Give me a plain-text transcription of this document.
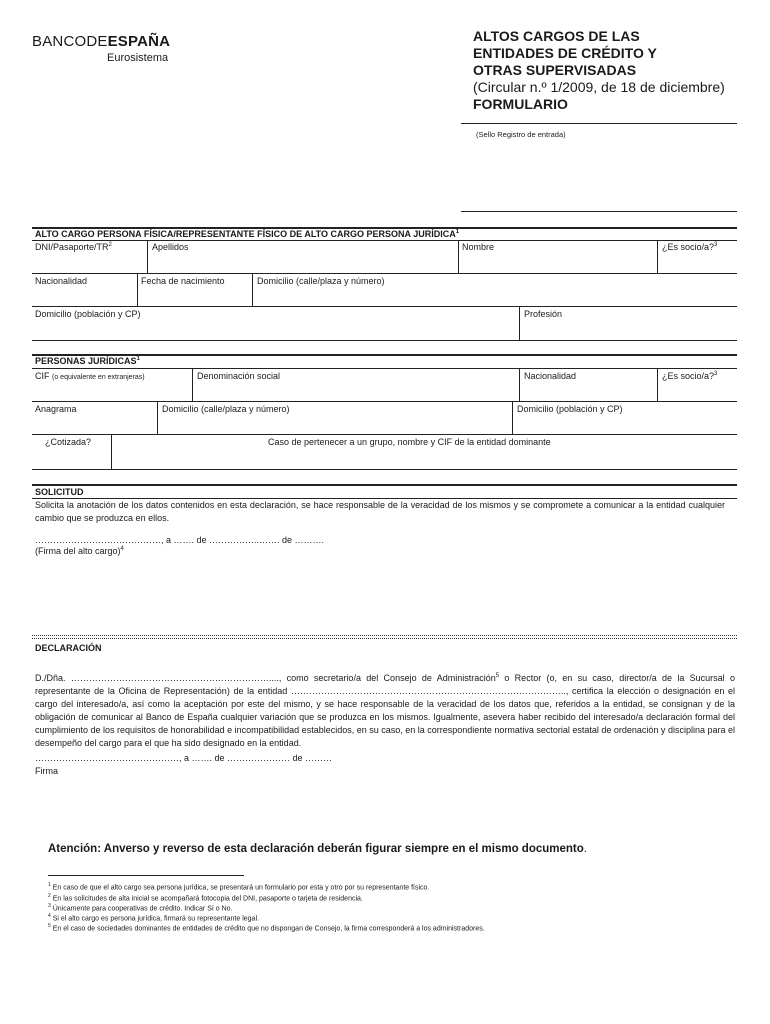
BANCODEESPAÑA
Eurosistema
ALTOS CARGOS DE LAS
ENTIDADES DE CRÉDITO Y
OTRAS SUPERVISADAS
(Circular n.º 1/2009, de 18 de diciembre)
FORMULARIO
(Sello Registro de entrada)
ALTO CARGO PERSONA FÍSICA/REPRESENTANTE FÍSICO DE ALTO CARGO PERSONA JURÍDICA$^1$
DNI/$Pasaporte/TR^2$	Apellidos	Nombre	¿Es socio/a?$^3$
Nacionalidad	Fecha de nacimiento	Domicilio (calle/plaza y número)
Domicilio (población y CP)	Profesión
PERSONAS JURÍDICAS$^1$
CIF (o equivalente en extranjeras)	Denominación social	Nacionalidad	¿Es socio/a?$^3$
Anagrama	Domicilio (calle/plaza y número)	Domicilio (población y CP)
¿Cotizada?	Caso de pertenecer a un grupo, nombre y CIF de la entidad dominante
SOLICITUD
Solicita la anotación de los datos contenidos en esta declaración, se hace responsable de la veracidad de los mismos y se compromete a comunicar a la entidad cualquier cambio que se produzca en ellos.
……………………………………, a ……. de ……………..……. de ……….
(Firma del alto cargo)$^4$
DECLARACIÓN
D./Dña. …………………………………………………………...., como secretario/a del Consejo de Administración$^5$ o Rector (o, en su caso, director/a de la Sucursal o representante de la Oficina de Representación) de la entidad ……………………………………………………………………………….., certifica la elección o designación en el cargo del interesado/a, así como la aceptación por este del mismo, y se hace responsable de la veracidad de los datos que, referidos a la entidad, se consignan y de la obligación de comunicar al Banco de España cualquier variación que se produzca en los mismos. Igualmente, asevera haber recibido del interesado/a declaración formal del cumplimiento de los requisitos de honorabilidad e incompatibilidad establecidos, en su caso, en la correspondiente normativa sectorial estatal de ordenación y disciplina para el desempeño del cargo para el que ha sido designado en la entidad.
…………………………………………, a ……. de ………………… de ………
Firma
Atención: Anverso y reverso de esta declaración deberán figurar siempre en el mismo documento.
$^1$ En caso de que el alto cargo sea persona jurídica, se presentará un formulario por esta y otro por su representante físico.
$^2$ En las solicitudes de alta inicial se acompañará fotocopia del DNI, pasaporte o tarjeta de residencia.
$^3$ Únicamente para cooperativas de crédito. Indicar Sí o No.
$^4$ Si el alto cargo es persona jurídica, firmará su representante legal.
$^5$ En el caso de sociedades dominantes de entidades de crédito que no dispongan de Consejo, la firma corresponderá a los administradores.
